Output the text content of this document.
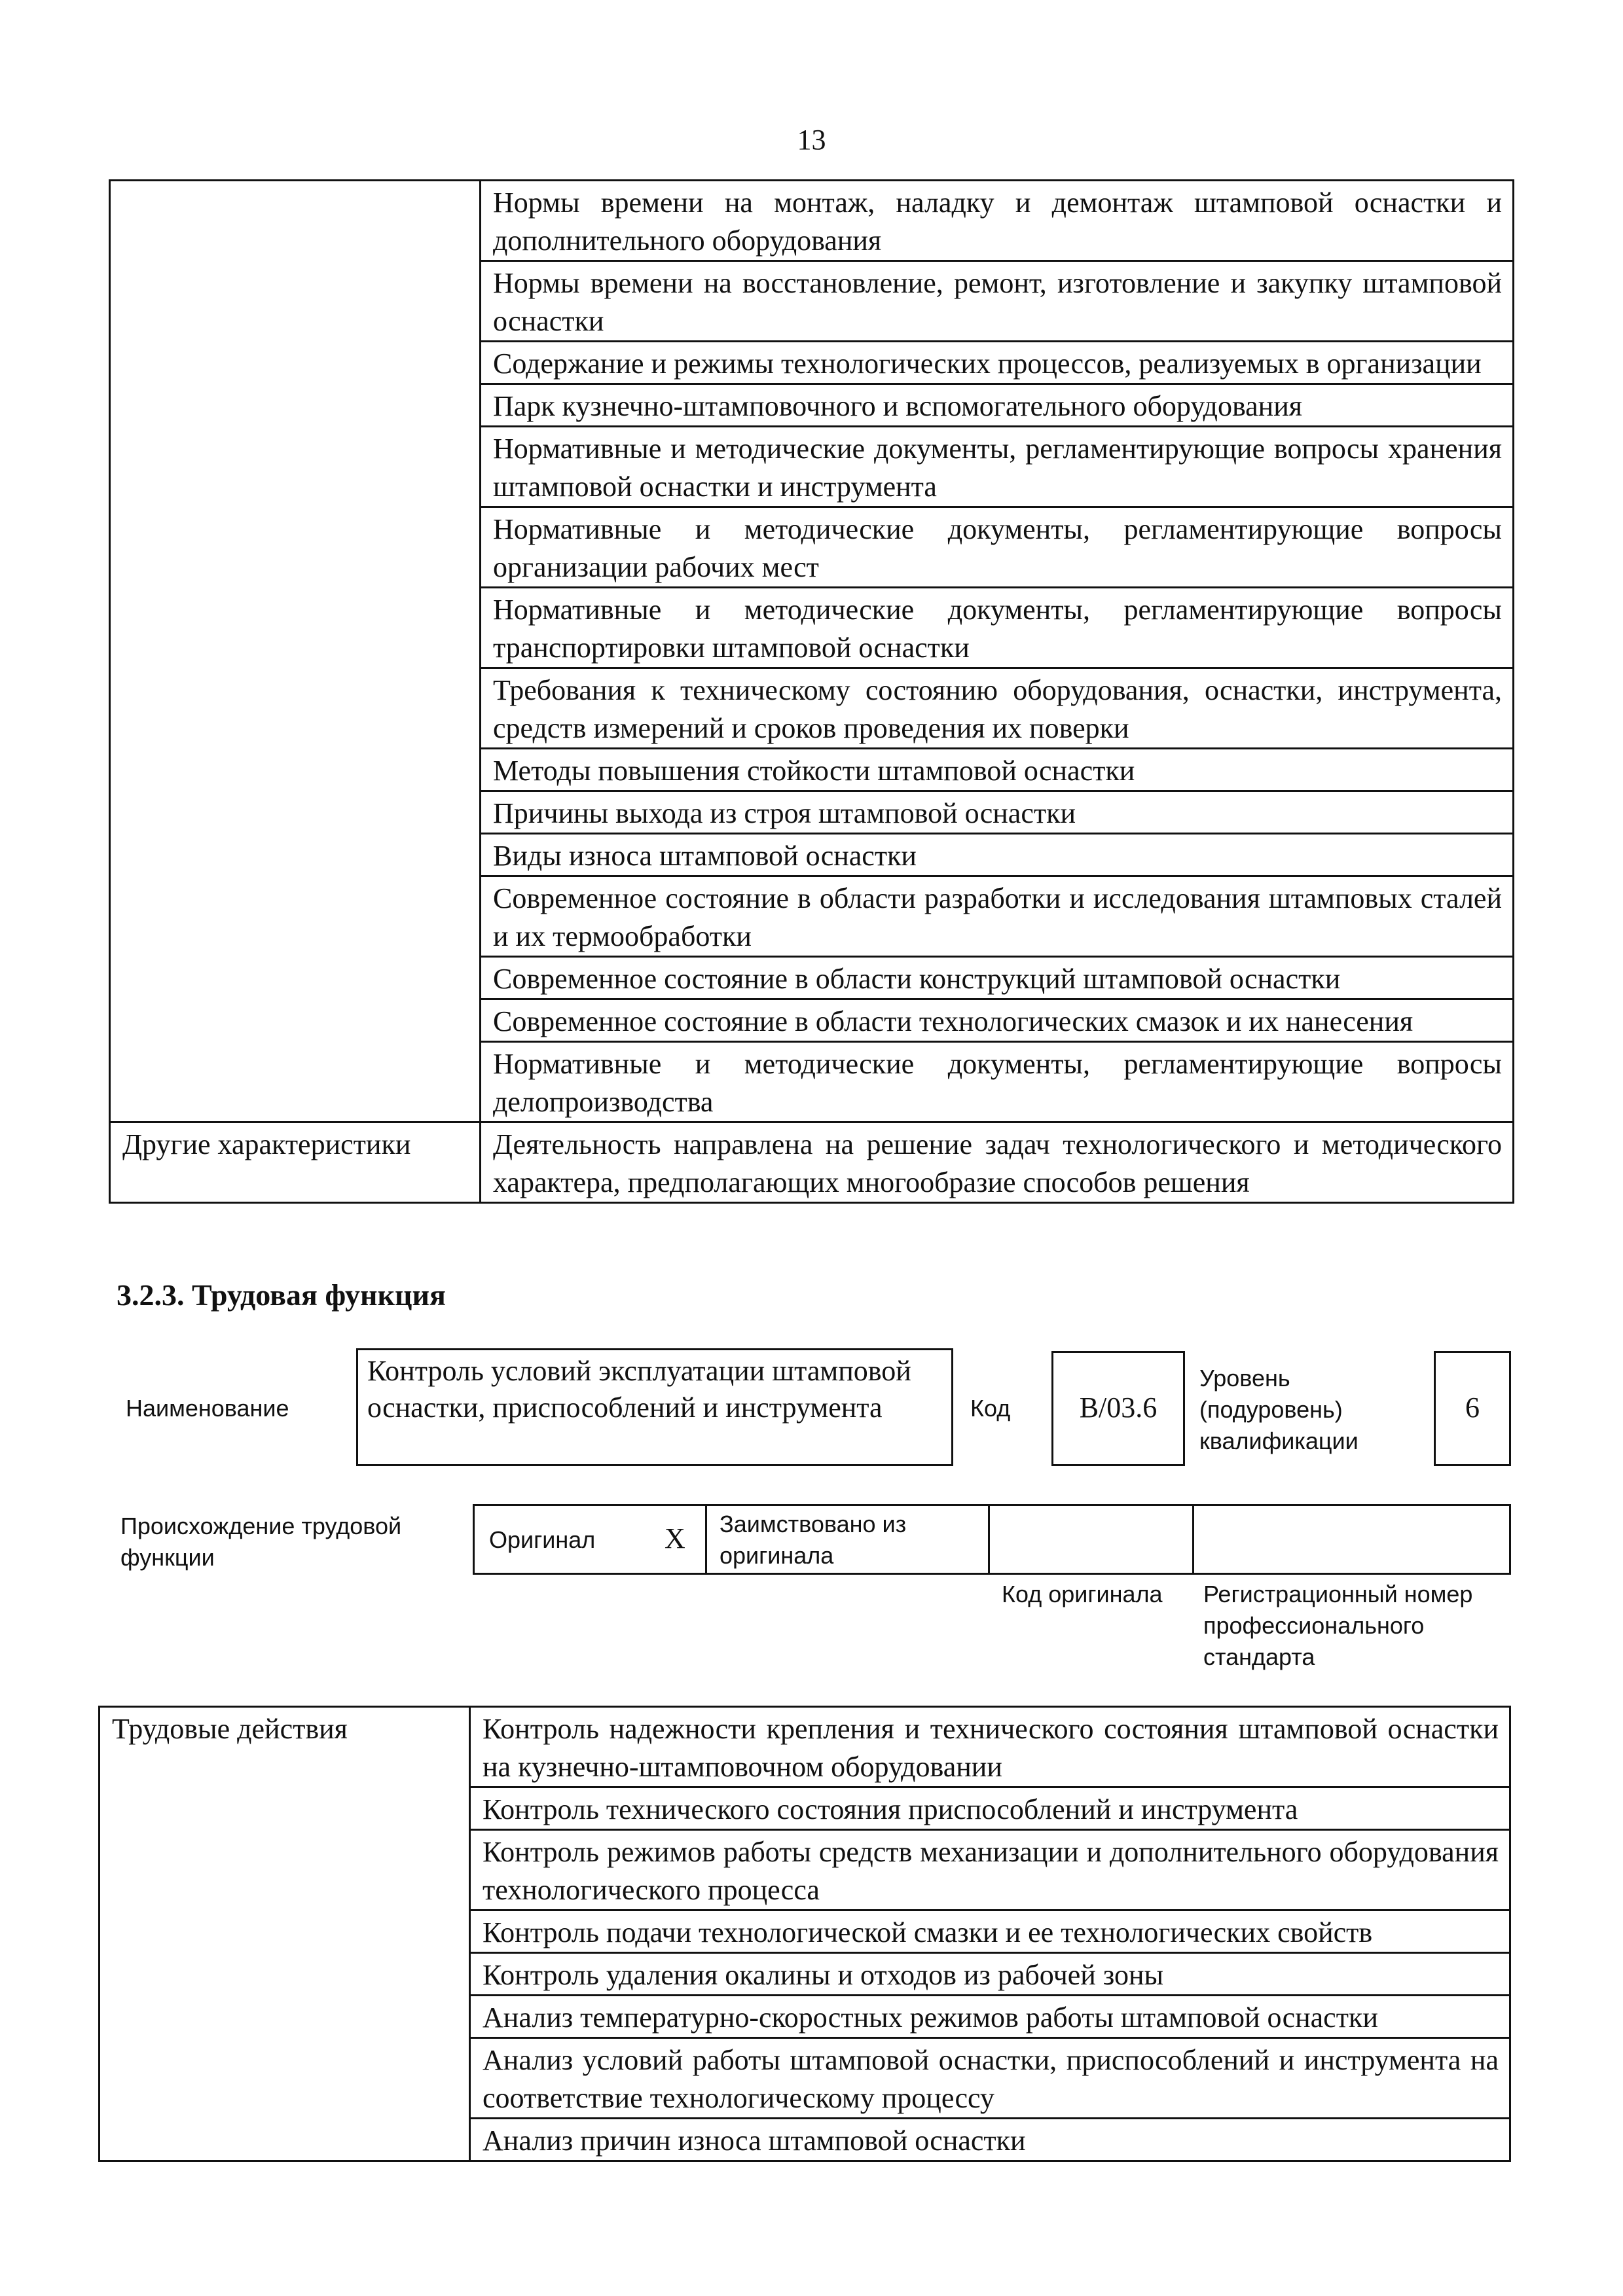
13
	Нормы времени на монтаж, наладку и демонтаж штамповой оснастки и дополнительного оборудования
	Нормы времени на восстановление, ремонт, изготовление и закупку штамповой оснастки
	Содержание и режимы технологических процессов, реализуемых в организации
	Парк кузнечно-штамповочного и вспомогательного оборудования
	Нормативные и методические документы, регламентирующие вопросы хранения штамповой оснастки и инструмента
	Нормативные и методические документы, регламентирующие вопросы организации рабочих мест
	Нормативные и методические документы, регламентирующие вопросы транспортировки штамповой оснастки
	Требования к техническому состоянию оборудования, оснастки, инструмента, средств измерений и сроков проведения их поверки
	Методы повышения стойкости штамповой оснастки
	Причины выхода из строя штамповой оснастки
	Виды износа штамповой оснастки
	Современное состояние в области разработки и исследования штамповых сталей и их термообработки
	Современное состояние в области конструкций штамповой оснастки
	Современное состояние в области технологических смазок и их нанесения
	Нормативные и методические документы, регламентирующие вопросы делопроизводства
Другие характеристики	Деятельность направлена на решение задач технологического и методического характера, предполагающих многообразие способов решения
3.2.3. Трудовая функция
Наименование
Контроль условий эксплуатации штамповой оснастки, приспособлений и инструмента	Код	B/03.6
Уровень (подуровень) квалификации
6
Происхождение трудовой функции
Оригинал X Заимствовано из оригинала
Код оригинала Регистрационный номер профессионального стандарта
Трудовые действия	Контроль надежности крепления и технического состояния штамповой оснастки на кузнечно-штамповочном оборудовании
Контроль технического состояния приспособлений и инструмента
Контроль режимов работы средств механизации и дополнительного оборудования технологического процесса
Контроль подачи технологической смазки и ее технологических свойств
Контроль удаления окалины и отходов из рабочей зоны
Анализ температурно-скоростных режимов работы штамповой оснастки
Анализ условий работы штамповой оснастки, приспособлений и инструмента на соответствие технологическому процессу
Анализ причин износа штамповой оснастки
